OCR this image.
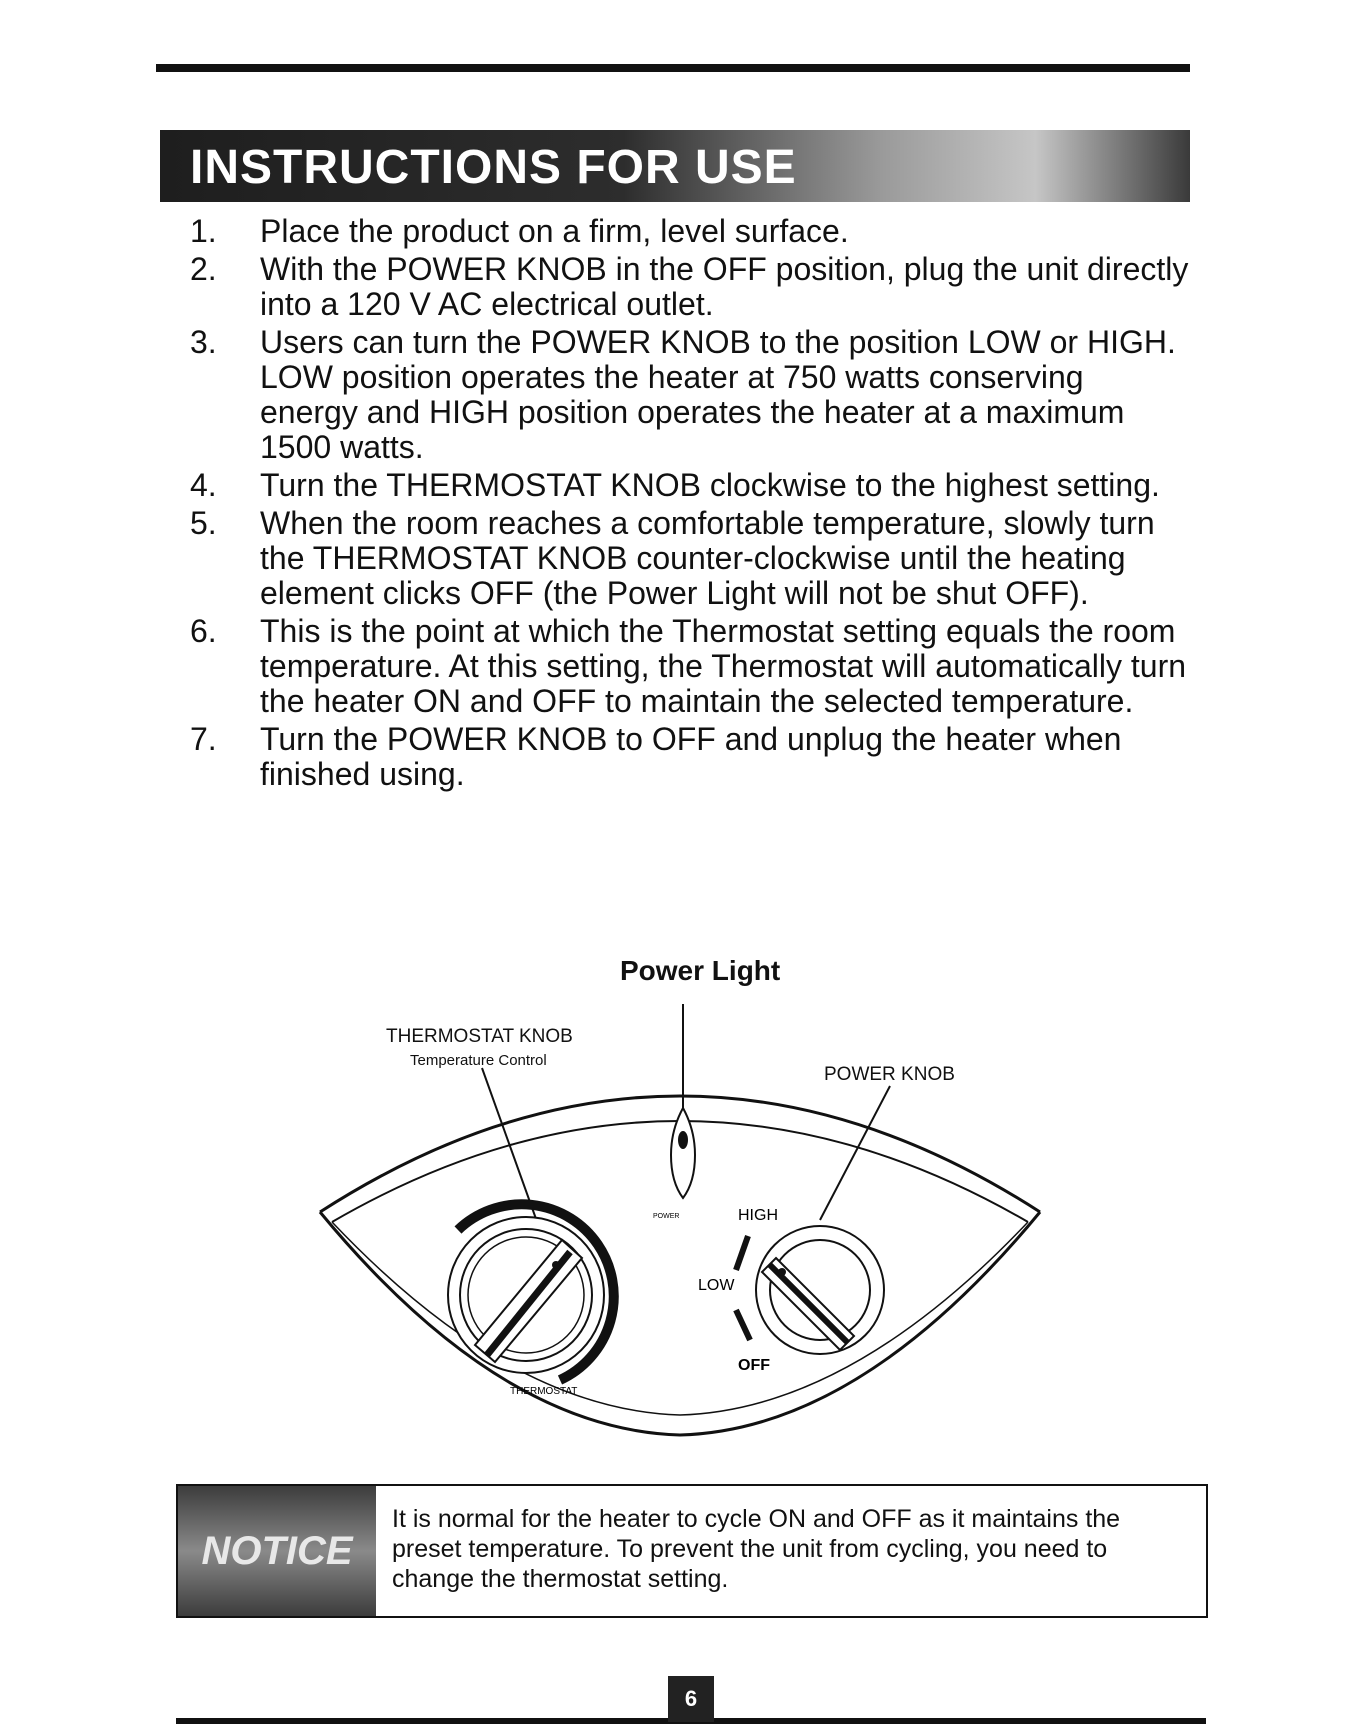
INSTRUCTIONS FOR USE
1. Place the product on a firm, level surface.
2. With the POWER KNOB in the OFF position, plug the unit directly into a 120 V AC electrical outlet.
3. Users can turn the POWER KNOB to the position LOW or HIGH. LOW position operates the heater at 750 watts conserving energy and HIGH position operates the heater at a maximum 1500 watts.
4. Turn the THERMOSTAT KNOB clockwise to the highest setting.
5. When the room reaches a comfortable temperature, slowly turn the THERMOSTAT KNOB counter-clockwise until the heating element clicks OFF (the Power Light will not be shut OFF).
6. This is the point at which the Thermostat setting equals the room temperature. At this setting, the Thermostat will automatically turn the heater ON and OFF to maintain the selected temperature.
7. Turn the POWER KNOB to OFF and unplug the heater when finished using.
Power Light
THERMOSTAT KNOB
Temperature Control
POWER KNOB
POWER
THERMOSTAT
HIGH
LOW
OFF
NOTICE
It is normal for the heater to cycle ON and OFF as it maintains the preset temperature. To prevent the unit from cycling, you need to change the thermostat setting.
6
